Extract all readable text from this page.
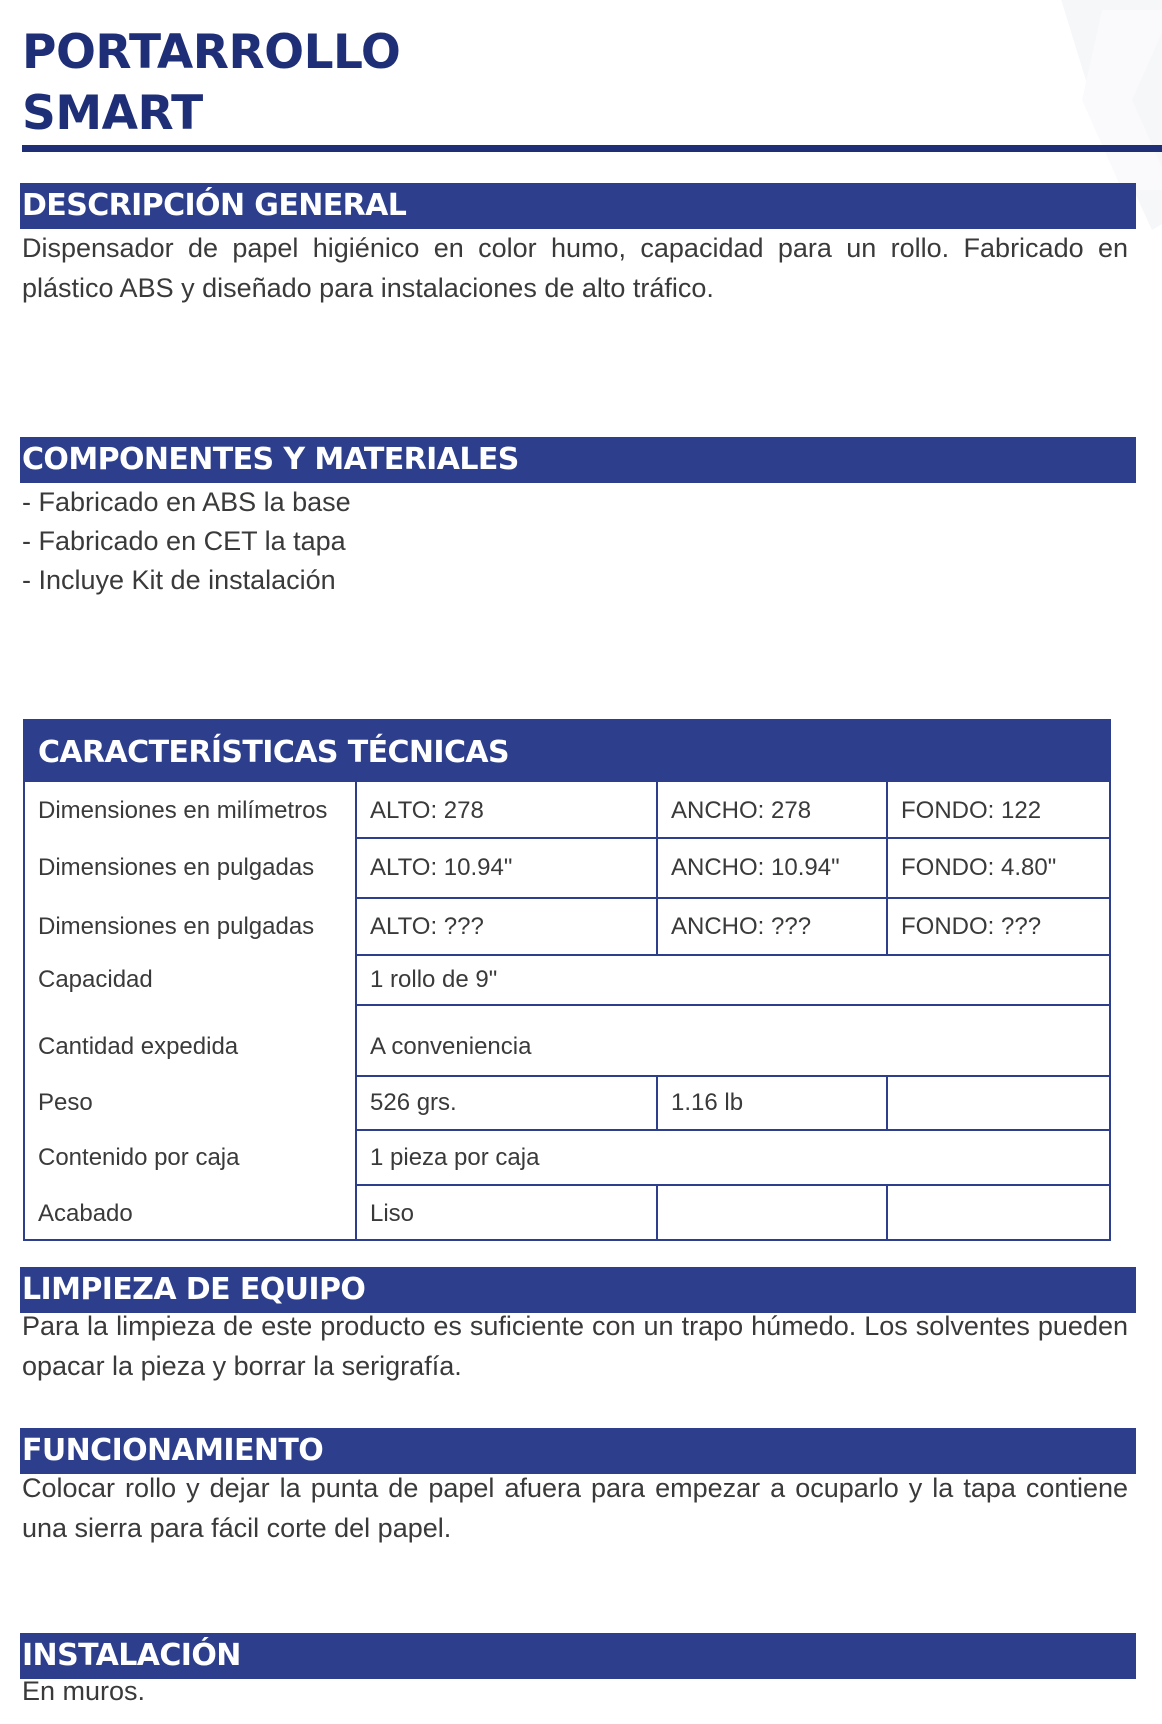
PORTARROLLO
SMART
DESCRIPCIÓN GENERAL

Dispensador de papel higiénico en color humo, capacidad para un rollo. Fabricado en plástico ABS y diseñado para instalaciones de alto tráfico.

COMPONENTES Y MATERIALES
- Fabricado en ABS la base
- Fabricado en CET la tapa
- Incluye Kit de instalación
CARACTERÍSTICAS TÉCNICAS
Dimensiones en milímetros	ALTO: 278	ANCHO: 278	FONDO: 122
Dimensiones en pulgadas	ALTO: 10.94"	ANCHO: 10.94"	FONDO: 4.80"
Dimensiones en pulgadas	ALTO: ???	ANCHO: ???	FONDO: ???
Capacidad	1 rollo de 9"
Cantidad expedida	A conveniencia
Peso	526 grs.	1.16 lb
Contenido por caja	1 pieza por caja
Acabado	Liso
LIMPIEZA DE EQUIPO

Para la limpieza de este producto es suficiente con un trapo húmedo. Los solventes pueden opacar la pieza y borrar la serigrafía.

FUNCIONAMIENTO

Colocar rollo y dejar la punta de papel afuera para empezar a ocuparlo y la tapa contiene una sierra para fácil corte del papel.

INSTALACIÓN

En muros.
